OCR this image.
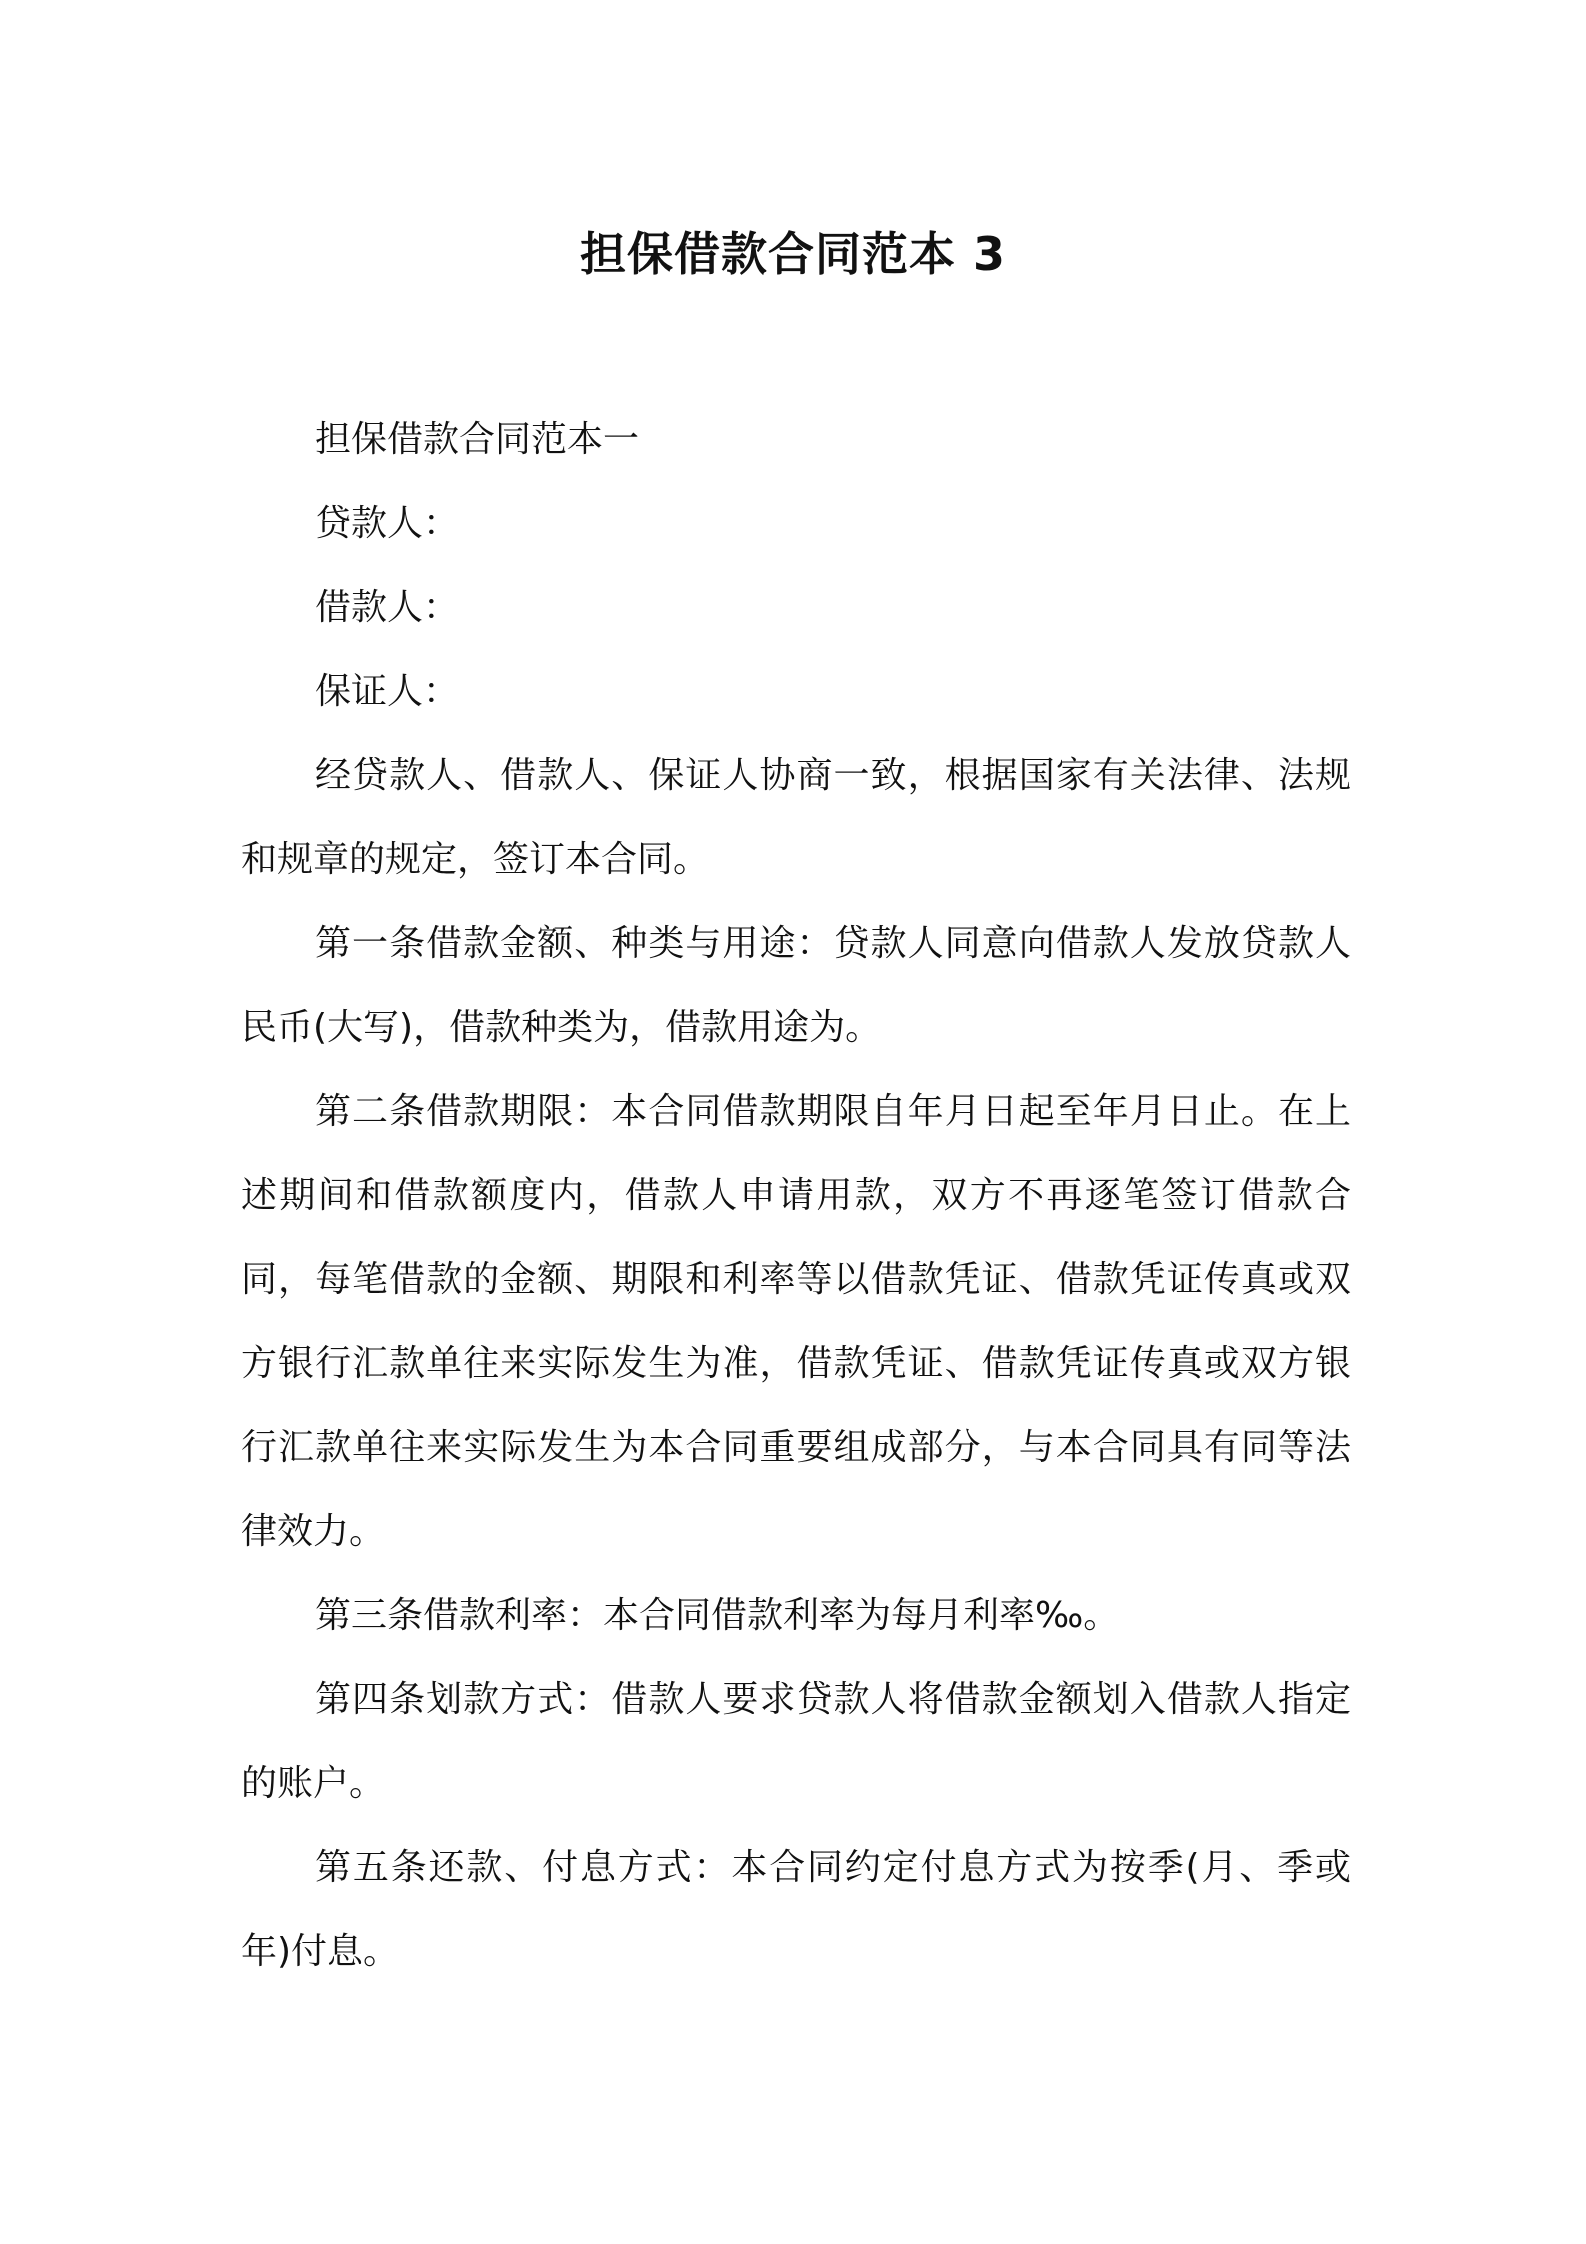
担保借款合同范本 3

担保借款合同范本一

贷款人：

借款人：

保证人：

经贷款人、借款人、保证人协商一致，根据国家有关法律、法规和规章的规定，签订本合同。

第一条借款金额、种类与用途：贷款人同意向借款人发放贷款人民币(大写)，借款种类为，借款用途为。

第二条借款期限：本合同借款期限自年月日起至年月日止。在上述期间和借款额度内，借款人申请用款，双方不再逐笔签订借款合同，每笔借款的金额、期限和利率等以借款凭证、借款凭证传真或双方银行汇款单往来实际发生为准，借款凭证、借款凭证传真或双方银行汇款单往来实际发生为本合同重要组成部分，与本合同具有同等法律效力。

第三条借款利率：本合同借款利率为每月利率‰。

第四条划款方式：借款人要求贷款人将借款金额划入借款人指定的账户。

第五条还款、付息方式：本合同约定付息方式为按季(月、季或年)付息。
